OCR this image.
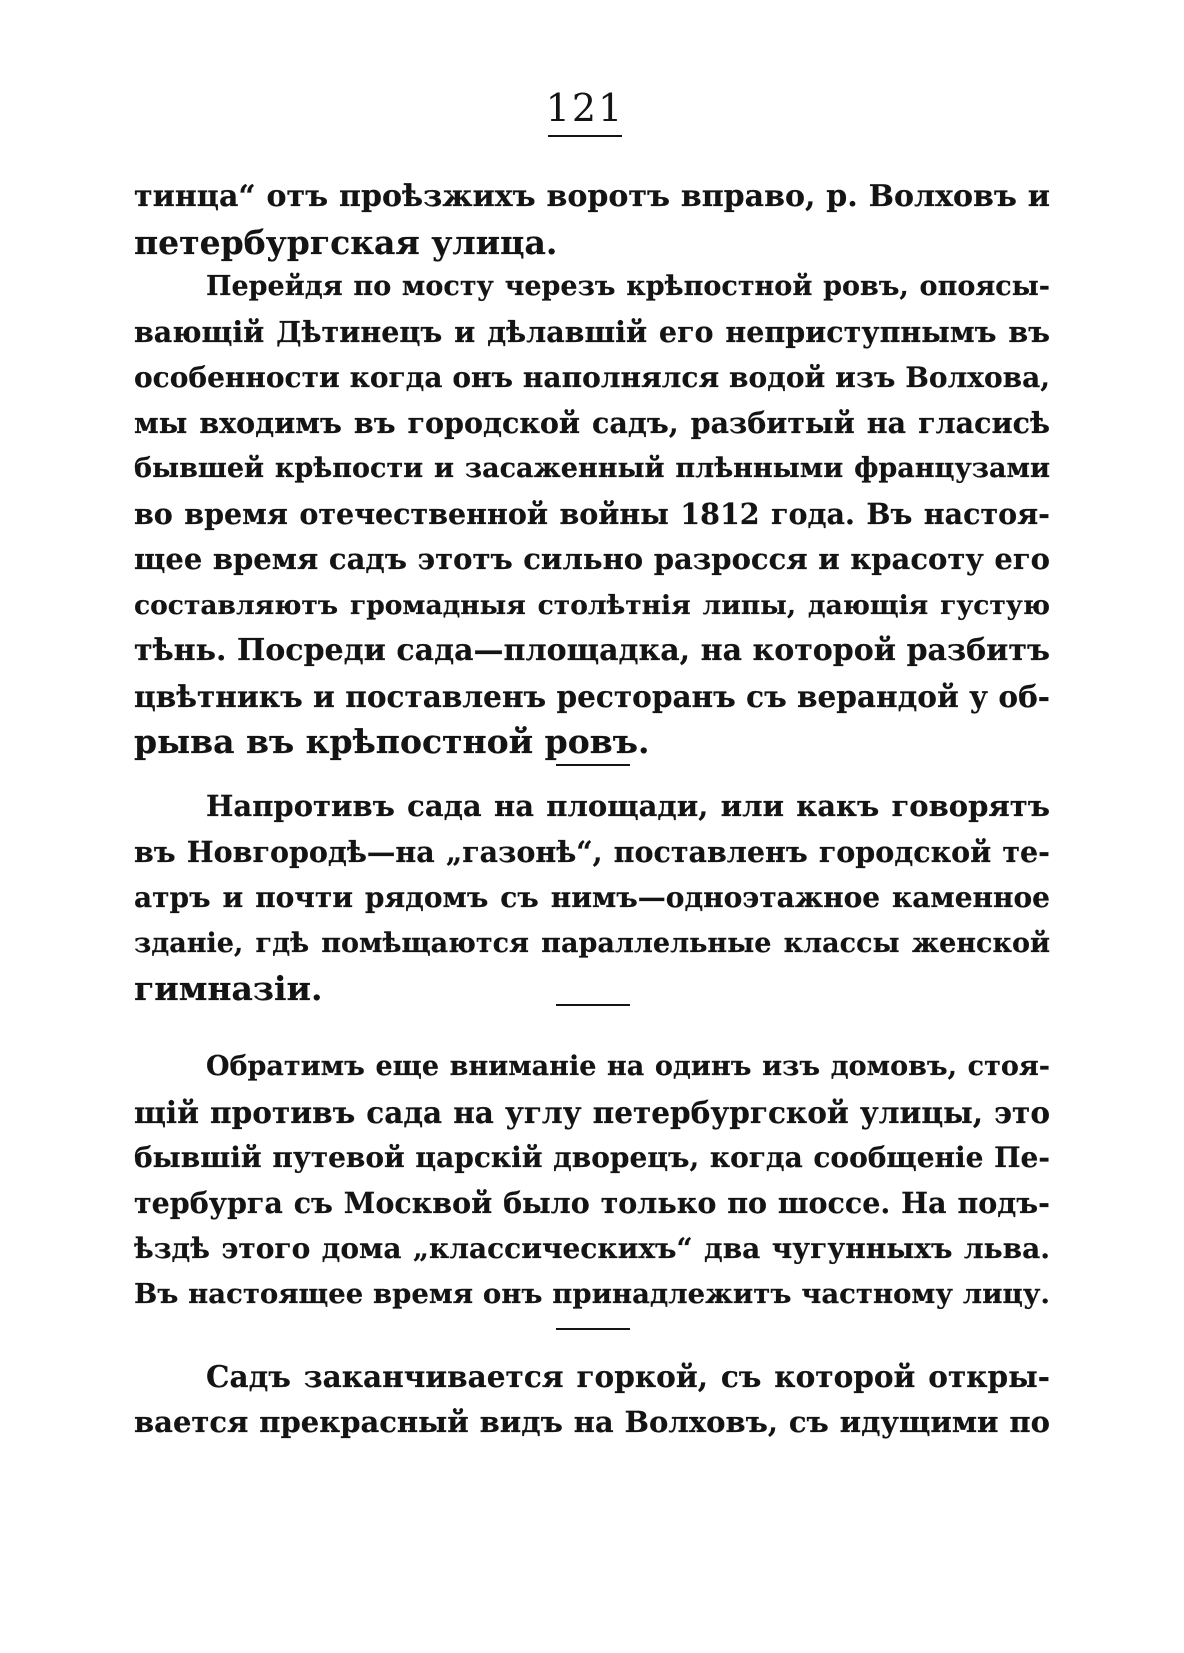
121
тинца“ отъ проѣзжихъ воротъ вправо, р. Волховъ и
петербургская улица.
Перейдя по мосту черезъ крѣпостной ровъ, опоясы-
вающій Дѣтинецъ и дѣлавшій его неприступнымъ въ
особенности когда онъ наполнялся водой изъ Волхова,
мы входимъ въ городской садъ, разбитый на гласисѣ
бывшей крѣпости и засаженный плѣнными французами
во время отечественной войны 1812 года. Въ настоя-
щее время садъ этотъ сильно разросся и красоту его
составляютъ громадныя столѣтнія липы, дающія густую
тѣнь. Посреди сада—площадка, на которой разбитъ
цвѣтникъ и поставленъ ресторанъ съ верандой у об-
рыва въ крѣпостной ровъ.
Напротивъ сада на площади, или какъ говорятъ
въ Новгородѣ—на „газонѣ“, поставленъ городской те-
атръ и почти рядомъ съ нимъ—одноэтажное каменное
зданіе, гдѣ помѣщаются параллельные классы женской
гимназіи.
Обратимъ еще вниманіе на одинъ изъ домовъ, стоя-
щій противъ сада на углу петербургской улицы, это
бывшій путевой царскій дворецъ, когда сообщеніе Пе-
тербурга съ Москвой было только по шоссе. На подъ-
ѣздѣ этого дома „классическихъ“ два чугунныхъ льва.
Въ настоящее время онъ принадлежитъ частному лицу.
Садъ заканчивается горкой, съ которой откры-
вается прекрасный видъ на Волховъ, съ идущими по
